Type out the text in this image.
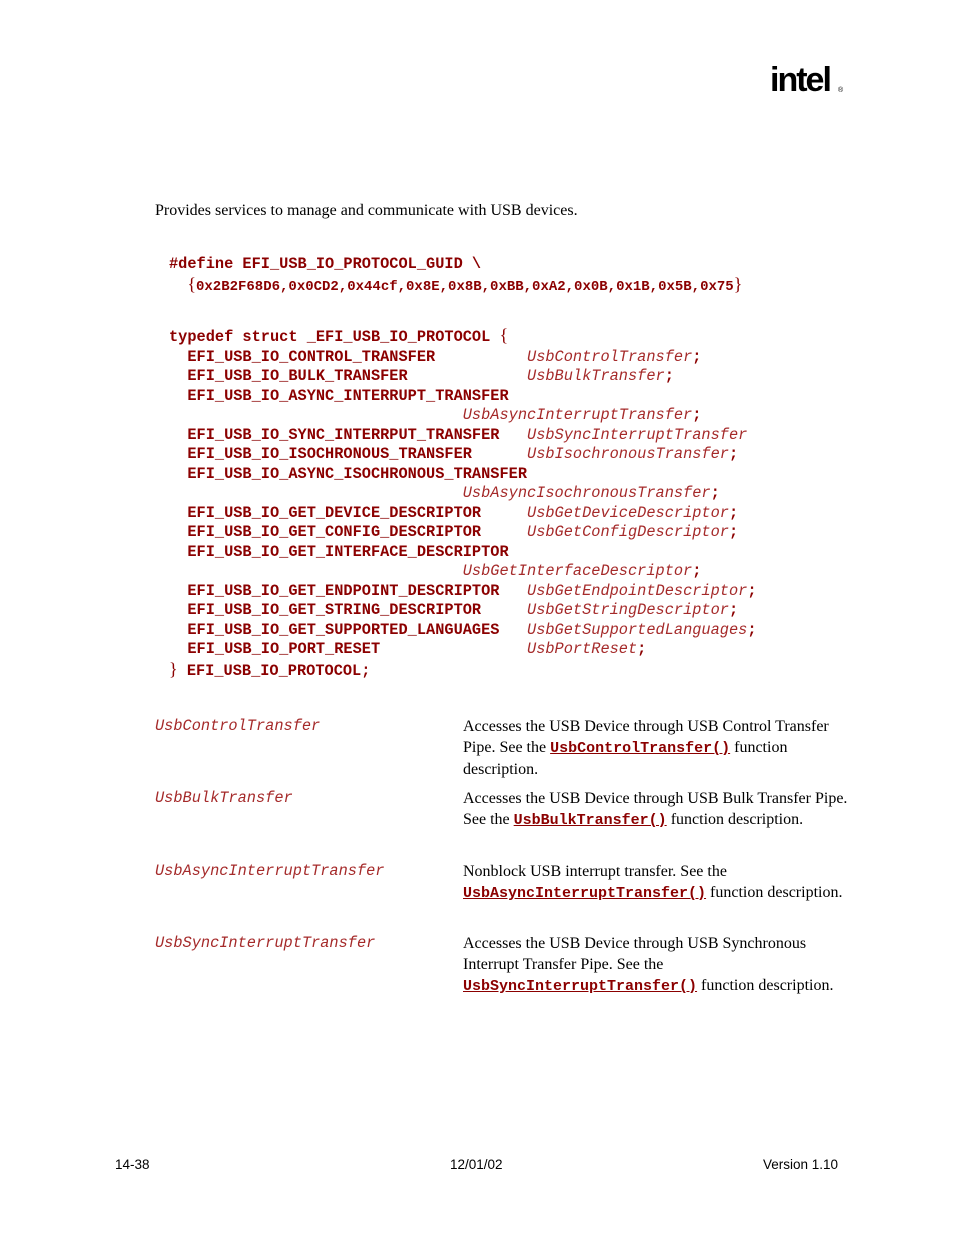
intel ®
Provides services to manage and communicate with USB devices.
#define EFI_USB_IO_PROTOCOL_GUID \
{0x2B2F68D6,0x0CD2,0x44cf,0x8E,0x8B,0xBB,0xA2,0x0B,0x1B,0x5B,0x75}
typedef struct _EFI_USB_IO_PROTOCOL {
EFI_USB_IO_CONTROL_TRANSFER	UsbControlTransfer;
EFI_USB_IO_BULK_TRANSFER	UsbBulkTransfer;
EFI_USB_IO_ASYNC_INTERRUPT_TRANSFER
UsbAsyncInterruptTransfer;
EFI_USB_IO_SYNC_INTERRPUT_TRANSFER UsbSyncInterruptTransfer
EFI_USB_IO_ISOCHRONOUS_TRANSFER	UsbIsochronousTransfer;
EFI_USB_IO_ASYNC_ISOCHRONOUS_TRANSFER
UsbAsyncIsochronousTransfer;
EFI_USB_IO_GET_DEVICE_DESCRIPTOR	UsbGetDeviceDescriptor;
EFI_USB_IO_GET_CONFIG_DESCRIPTOR	UsbGetConfigDescriptor;
EFI_USB_IO_GET_INTERFACE_DESCRIPTOR
UsbGetInterfaceDescriptor;
EFI_USB_IO_GET_ENDPOINT_DESCRIPTOR UsbGetEndpointDescriptor;
EFI_USB_IO_GET_STRING_DESCRIPTOR	UsbGetStringDescriptor;
EFI_USB_IO_GET_SUPPORTED_LANGUAGES UsbGetSupportedLanguages;
EFI_USB_IO_PORT_RESET	UsbPortReset;
} EFI_USB_IO_PROTOCOL;
UsbControlTransfer	Accesses the USB Device through USB Control Transfer Pipe. See the UsbControlTransfer() function description.

UsbBulkTransfer	Accesses the USB Device through USB Bulk Transfer Pipe. See the UsbBulkTransfer() function description.

UsbAsyncInterruptTransfer	Nonblock USB interrupt transfer. See the UsbAsyncInterruptTransfer() function description.

UsbSyncInterruptTransfer	Accesses the USB Device through USB Synchronous Interrupt Transfer Pipe. See the UsbSyncInterruptTransfer() function description.

14-38	12/01/02	Version 1.10
